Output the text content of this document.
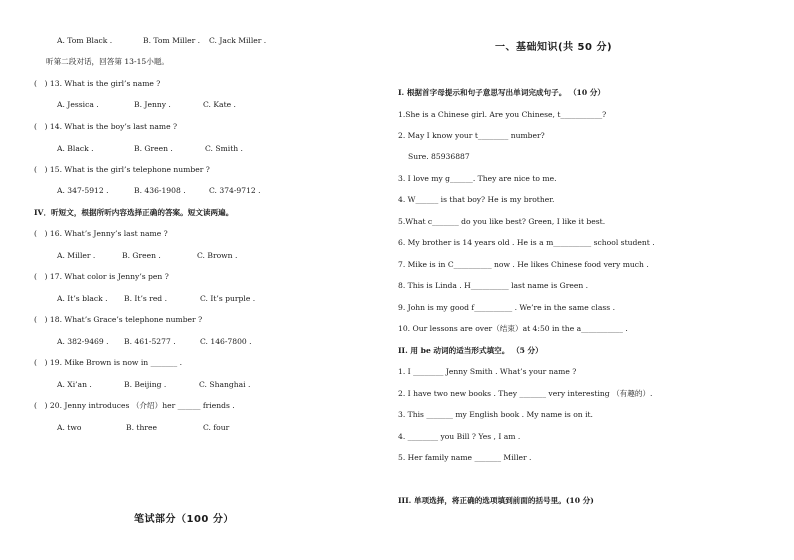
A. Tom Black .	B. Tom Miller . C. Jack Miller .
听第二段对话，回答第 13-15小题。
(　) 13. What is the girl’s name ?
A. Jessica .	B. Jenny .	C. Kate .
(　) 14. What is the boy’s last name ?
A. Black .	B. Green .	C. Smith .
(　) 15. What is the girl’s telephone number ?
A. 347-5912 .	B. 436-1908 .	C. 374-9712 .
IV．听短文，根据所听内容选择正确的答案。短文读两遍。
(　) 16. What’s Jenny’s last name ?
A. Miller .	B. Green .	C. Brown .
(　) 17. What color is Jenny’s pen ?
A. It’s black . B. It’s red .	C. It’s purple .
(　) 18. What’s Grace’s telephone number ?
A. 382-9469 . B. 461-5277 .	C. 146-7800 .
(　) 19. Mike Brown is now in _______ .
A. Xi’an .	B. Beijing .	C. Shanghai .
(　) 20. Jenny introduces （介绍）her ______ friends .
A. two	B. three	C. four
笔试部分（100 分）
一、基础知识(共 50 分)
I. 根据首字母提示和句子意思写出单词完成句子。 （10 分）
1.She is a Chinese girl. Are you Chinese, t___________?
2. May I know your t________ number?
Sure. 85936887
3. I love my g______. They are nice to me.
4. W______ is that boy? He is my brother.
5.What c_______ do you like best? Green, I like it best.
6. My brother is 14 years old . He is a m__________ school student .
7. Mike is in C__________ now . He likes Chinese food very much .
8. This is Linda . H__________ last name is Green .
9. John is my good f__________ . We’re in the same class .
10. Our lessons are over（结束）at 4:50 in the a___________ .
II. 用 be 动词的适当形式填空。 （5 分）
1. I ________ Jenny Smith . What’s your name ?
2. I have two new books . They _______ very interesting （有趣的）.
3. This _______ my English book . My name is on it.
4. ________ you Bill ? Yes , I am .
5. Her family name _______ Miller .
III. 单项选择，将正确的选项填到前面的括号里。(10 分)
